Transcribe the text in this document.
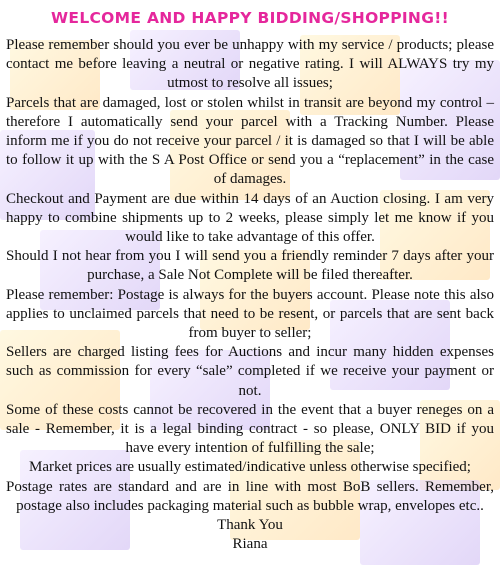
WELCOME AND HAPPY BIDDING/SHOPPING!!

Please remember should you ever be unhappy with my service / products; please contact me before leaving a neutral or negative rating. I will ALWAYS try my utmost to resolve all issues;

Parcels that are damaged, lost or stolen whilst in transit are beyond my control – therefore I automatically send your parcel with a Tracking Number. Please inform me if you do not receive your parcel / it is damaged so that I will be able to follow it up with the S A Post Office or send you a “replacement” in the case of damages.

Checkout and Payment are due within 14 days of an Auction closing. I am very happy to combine shipments up to 2 weeks, please simply let me know if you would like to take advantage of this offer.

Should I not hear from you I will send you a friendly reminder 7 days after your purchase, a Sale Not Complete will be filed thereafter.

Please remember: Postage is always for the buyers account. Please note this also applies to unclaimed parcels that need to be resent, or parcels that are sent back from buyer to seller;

Sellers are charged listing fees for Auctions and incur many hidden expenses such as commission for every “sale” completed if we receive your payment or not.

Some of these costs cannot be recovered in the event that a buyer reneges on a sale - Remember, it is a legal binding contract - so please, ONLY BID if you have every intention of fulfilling the sale;

Market prices are usually estimated/indicative unless otherwise specified;

Postage rates are standard and are in line with most BoB sellers. Remember, postage also includes packaging material such as bubble wrap, envelopes etc..

Thank You

Riana
